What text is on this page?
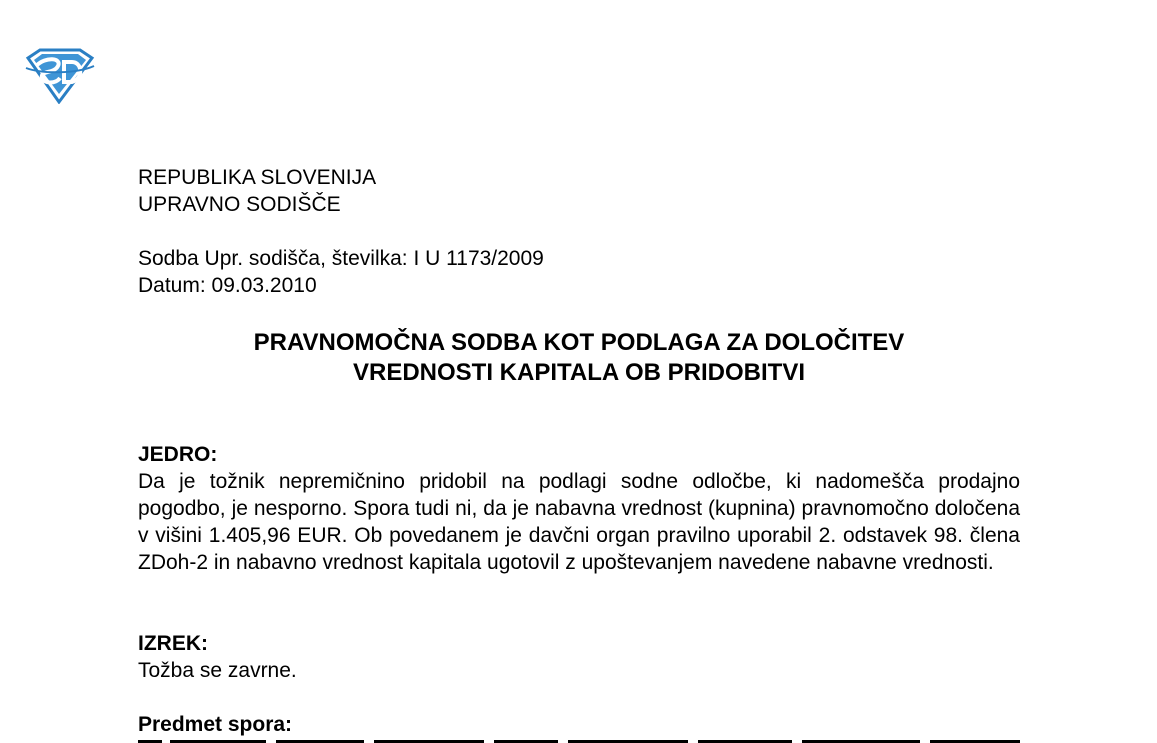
REPUBLIKA SLOVENIJA

UPRAVNO SODIŠČE

Sodba Upr. sodišča, številka: I U 1173/2009

Datum: 09.03.2010

PRAVNOMOČNA SODBA KOT PODLAGA ZA DOLOČITEV
VREDNOSTI KAPITALA OB PRIDOBITVI

JEDRO:

Da je tožnik nepremičnino pridobil na podlagi sodne odločbe, ki nadomešča prodajno pogodbo, je nesporno. Spora tudi ni, da je nabavna vrednost (kupnina) pravnomočno določena v višini 1.405,96 EUR. Ob povedanem je davčni organ pravilno uporabil 2. odstavek 98. člena ZDoh-2 in nabavno vrednost kapitala ugotovil z upoštevanjem navedene nabavne vrednosti.

IZREK:

Tožba se zavrne.

Predmet spora:
